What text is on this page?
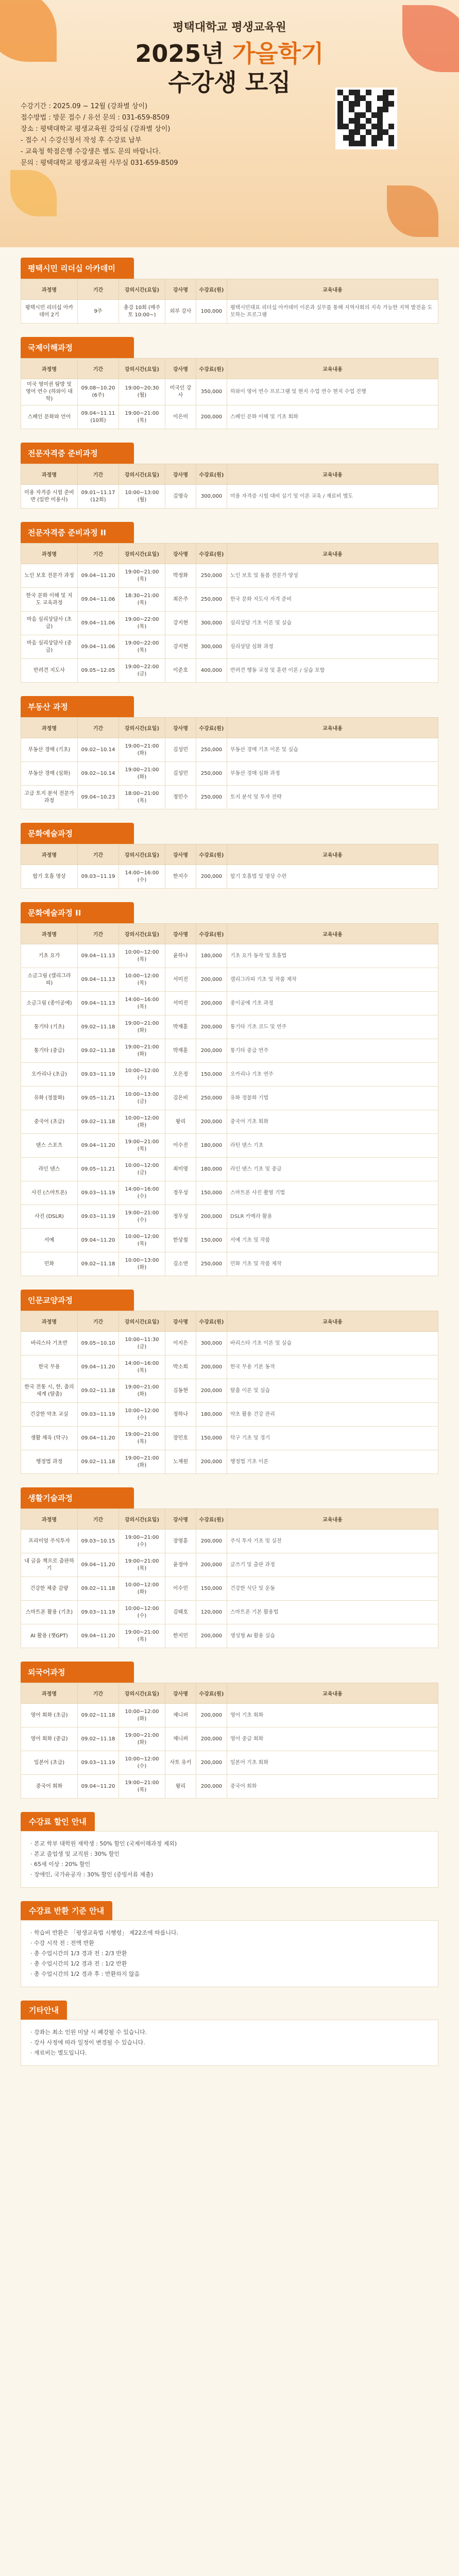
평택대학교 평생교육원
2025년 가을학기
수강생 모집
수강기간 : 2025.09 ~ 12월 (강좌별 상이)
접수방법 : 방문 접수 / 유선 문의 : 031-659-8509
장소 : 평택대학교 평생교육원 강의실 (강좌별 상이)
- 접수 시 수강신청서 작성 후 수강료 납부
- 교육청 학점은행 수강생은 별도 문의 바랍니다.
문의 : 평택대학교 평생교육원 사무실 031-659-8509
평택시민 리더십 아카데미
과정명	기간	강의시간(요일)	강사명	수강료(원)	교육내용
평택시민 리더십 아카데미 2기	9주	총강 10회 (매주 토 10:00~)	외부 강사	100,000	평택시민대표 리더십 아카데미 이론과 실무를 통해 지역사회의 지속 가능한 지역 발전을 도모하는 프로그램
국제이해과정
과정명	기간	강의시간(요일)	강사명	수강료(원)	교육내용
미국 영미권 탐방 및 영어 연수 (하와이 대학)	09.08~10.20 (6주)	19:00~20:30 (월)	미국인 강사	350,000	하와이 영어 연수 프로그램 및 현지 수업 연수 현지 수업 진행
스페인 문화와 언어	09.04~11.11 (10회)	19:00~21:00 (목)	이은미	200,000	스페인 문화 이해 및 기초 회화
전문자격증 준비과정
과정명	기간	강의시간(요일)	강사명	수강료(원)	교육내용
미용 자격증 시험 준비반 (일반 미용사)	09.01~11.17 (12회)	10:00~13:00 (월)	김영숙	300,000	미용 자격증 시험 대비 실기 및 이론 교육 / 재료비 별도
전문자격증 준비과정 II
과정명	기간	강의시간(요일)	강사명	수강료(원)	교육내용
노인 보호 전문가 과정	09.04~11.20	19:00~21:00 (목)	박정화	250,000	노인 보호 및 돌봄 전문가 양성
한국 문화 이해 및 지도 교육과정	09.04~11.06	18:30~21:00 (목)	최은주	250,000	한국 문화 지도사 자격 준비
마음 심리상담사 (초급)	09.04~11.06	19:00~22:00 (목)	강지현	300,000	심리상담 기초 이론 및 실습
마음 심리상담사 (중급)	09.04~11.06	19:00~22:00 (목)	강지현	300,000	심리상담 심화 과정
반려견 지도사	09.05~12.05	19:00~22:00 (금)	이준호	400,000	반려견 행동 교정 및 훈련 이론 / 실습 포함
부동산 과정
과정명	기간	강의시간(요일)	강사명	수강료(원)	교육내용
부동산 경매 (기초)	09.02~10.14	19:00~21:00 (화)	김성민	250,000	부동산 경매 기초 이론 및 실습
부동산 경매 (심화)	09.02~10.14	19:00~21:00 (화)	김성민	250,000	부동산 경매 심화 과정
고급 토지 분석 전문가 과정	09.04~10.23	18:00~21:00 (목)	정민수	250,000	토지 분석 및 투자 전략
문화예술과정
과정명	기간	강의시간(요일)	강사명	수강료(원)	교육내용
합기 호흡 명상	09.03~11.19	14:00~16:00 (수)	한지수	200,000	합기 호흡법 및 명상 수련
문화예술과정 II
과정명	기간	강의시간(요일)	강사명	수강료(원)	교육내용
기초 요가	09.04~11.13	10:00~12:00 (목)	윤하나	180,000	기초 요가 동작 및 호흡법
소금그림 (캘리그라피)	09.04~11.13	10:00~12:00 (목)	서미진	200,000	캘리그라피 기초 및 작품 제작
소금그림 (종이공예)	09.04~11.13	14:00~16:00 (목)	서미진	200,000	종이공예 기초 과정
통기타 (기초)	09.02~11.18	19:00~21:00 (화)	박재훈	200,000	통기타 기초 코드 및 연주
통기타 (중급)	09.02~11.18	19:00~21:00 (화)	박재훈	200,000	통기타 중급 연주
오카리나 (초급)	09.03~11.19	10:00~12:00 (수)	오은정	150,000	오카리나 기초 연주
유화 (정물화)	09.05~11.21	10:00~13:00 (금)	김은비	250,000	유화 정물화 기법
중국어 (초급)	09.02~11.18	10:00~12:00 (화)	왕리	200,000	중국어 기초 회화
댄스 스포츠	09.04~11.20	19:00~21:00 (목)	이수진	180,000	라틴 댄스 기초
라인 댄스	09.05~11.21	10:00~12:00 (금)	최미영	180,000	라인 댄스 기초 및 중급
사진 (스마트폰)	09.03~11.19	14:00~16:00 (수)	정우성	150,000	스마트폰 사진 촬영 기법
사진 (DSLR)	09.03~11.19	19:00~21:00 (수)	정우성	200,000	DSLR 카메라 활용
서예	09.04~11.20	10:00~12:00 (목)	한상철	150,000	서예 기초 및 작품
민화	09.02~11.18	10:00~13:00 (화)	김소연	250,000	민화 기초 및 작품 제작
인문교양과정
과정명	기간	강의시간(요일)	강사명	수강료(원)	교육내용
바리스타 기초반	09.05~10.10	10:00~11:30 (금)	이지은	300,000	바리스타 기초 이론 및 실습
한국 무용	09.04~11.20	14:00~16:00 (목)	박소희	200,000	한국 무용 기본 동작
한국 전통 시, 한, 춤의 세계 (탈춤)	09.02~11.18	19:00~21:00 (화)	김동현	200,000	탈춤 이론 및 실습
건강한 약초 교실	09.03~11.19	10:00~12:00 (수)	정하나	180,000	약초 활용 건강 관리
생활 체육 (탁구)	09.04~11.20	19:00~21:00 (목)	장민호	150,000	탁구 기초 및 경기
행정법 과정	09.02~11.18	19:00~21:00 (화)	노재원	200,000	행정법 기초 이론
생활기술과정
과정명	기간	강의시간(요일)	강사명	수강료(원)	교육내용
프리미엄 주식투자	09.03~10.15	19:00~21:00 (수)	장영훈	200,000	주식 투자 기초 및 실전
내 글을 책으로 출판하기	09.04~11.20	19:00~21:00 (목)	윤정아	200,000	글쓰기 및 출판 과정
건강한 체중 감량	09.02~11.18	10:00~12:00 (화)	이수민	150,000	건강한 식단 및 운동
스마트폰 활용 (기초)	09.03~11.19	10:00~12:00 (수)	김태호	120,000	스마트폰 기본 활용법
AI 활용 (챗GPT)	09.04~11.20	19:00~21:00 (목)	한지민	200,000	생성형 AI 활용 실습
외국어과정
과정명	기간	강의시간(요일)	강사명	수강료(원)	교육내용
영어 회화 (초급)	09.02~11.18	10:00~12:00 (화)	제니퍼	200,000	영어 기초 회화
영어 회화 (중급)	09.02~11.18	19:00~21:00 (화)	제니퍼	200,000	영어 중급 회화
일본어 (초급)	09.03~11.19	10:00~12:00 (수)	사토 유키	200,000	일본어 기초 회화
중국어 회화	09.04~11.20	19:00~21:00 (목)	왕리	200,000	중국어 회화
수강료 할인 안내
· 본교 학부 대학원 재학생 : 50% 할인 (국제이해과정 제외)
· 본교 졸업생 및 교직원 : 30% 할인
· 65세 이상 : 20% 할인
· 장애인, 국가유공자 : 30% 할인 (증빙서류 제출)
수강료 반환 기준 안내
· 학습비 반환은 「평생교육법 시행령」 제22조에 따릅니다.
· 수강 시작 전 : 전액 반환
· 총 수업시간의 1/3 경과 전 : 2/3 반환
· 총 수업시간의 1/2 경과 전 : 1/2 반환
· 총 수업시간의 1/2 경과 후 : 반환하지 않음
기타안내
· 강좌는 최소 인원 미달 시 폐강될 수 있습니다.
· 강사 사정에 따라 일정이 변경될 수 있습니다.
· 재료비는 별도입니다.
